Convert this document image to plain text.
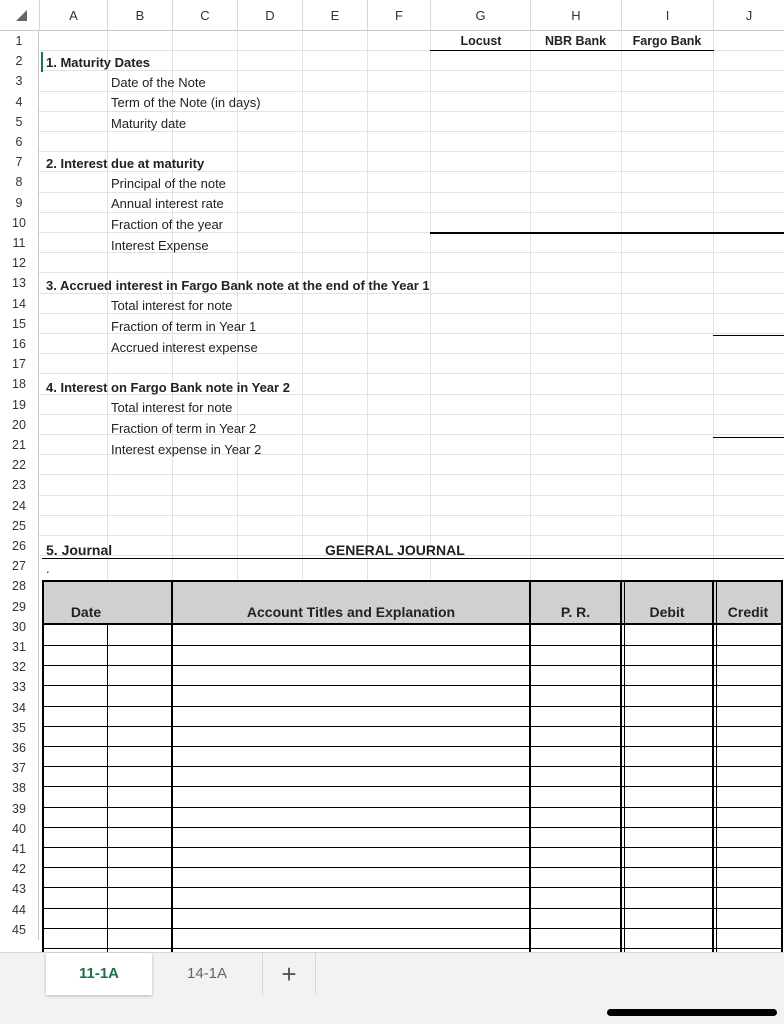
A	B	C	D	E	F	G	H	I	J
1
2
3
4
5
6
7
8
9
10
11
12
13
14
15
16
17
18
19
20
21
22
23
24
25
26
27
28
29
30
31
32
33
34
35
36
37
38
39
40
41
42
43
44
45
Locust	NBR Bank	Fargo Bank
1. Maturity Dates
Date of the Note
Term of the Note (in days)
Maturity date
2. Interest due at maturity
Principal of the note
Annual interest rate
Fraction of the year
Interest Expense
3. Accrued interest in Fargo Bank note at the end of the Year 1
Total interest for note
Fraction of term in Year 1
Accrued interest expense
4. Interest on Fargo Bank note in Year 2
Total interest for note
Fraction of term in Year 2
Interest expense in Year 2
5. Journal	GENERAL JOURNAL
.
Date	Account Titles and Explanation	P. R.	Debit	Credit
11-1A	14-1A	+
